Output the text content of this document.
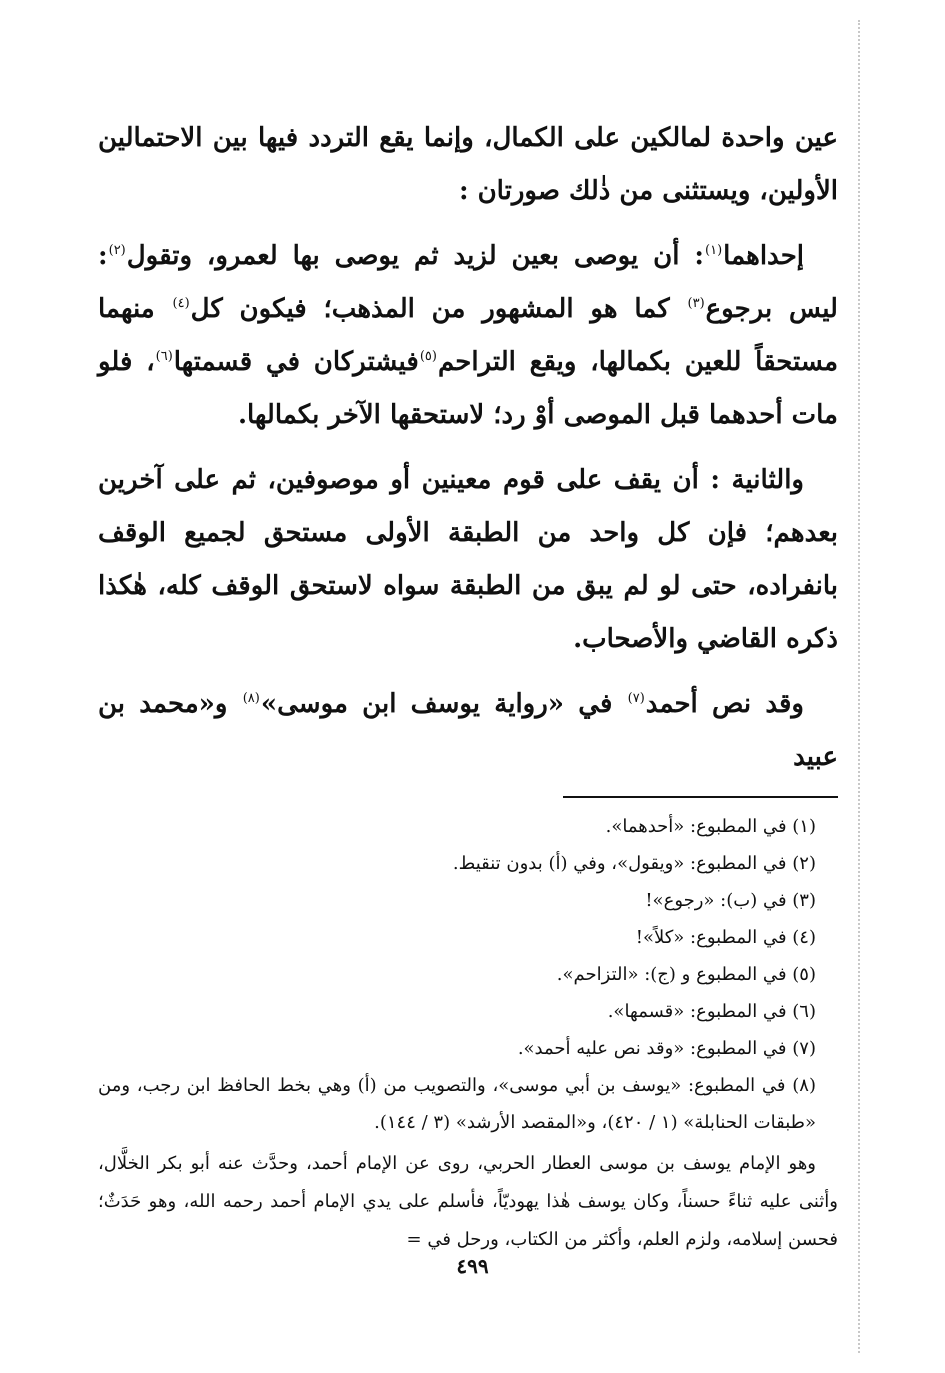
عين واحدة لمالكين على الكمال، وإنما يقع التردد فيها بين الاحتمالين الأولين، ويستثنى من ذٰلك صورتان :

إحداهما$^{(١)}$: أن يوصى بعين لزيد ثم يوصى بها لعمرو، وتقول$^{(٢)}$: ليس برجوع$^{(٣)}$ كما هو المشهور من المذهب؛ فيكون كل$^{(٤)}$ منهما مستحقاً للعين بكمالها، ويقع التراحم$^{(٥)}$فيشتركان في قسمتها$^{(٦)}$، فلو مات أحدهما قبل الموصى أوْ رد؛ لاستحقها الآخر بكمالها.

والثانية : أن يقف على قوم معينين أو موصوفين، ثم على آخرين بعدهم؛ فإن كل واحد من الطبقة الأولى مستحق لجميع الوقف بانفراده، حتى لو لم يبق من الطبقة سواه لاستحق الوقف كله، هٰكذا ذكره القاضي والأصحاب.

وقد نص أحمد$^{(٧)}$ في «رواية يوسف ابن موسى»$^{(٨)}$ و«محمد بن عبيد

(١) في المطبوع: «أحدهما».
(٢) في المطبوع: «ويقول»، وفي (أ) بدون تنقيط.
(٣) في (ب): «رجوع»!
(٤) في المطبوع: «كلاً»!
(٥) في المطبوع و (ج): «التزاحم».
(٦) في المطبوع: «قسمها».
(٧) في المطبوع: «وقد نص عليه أحمد».
(٨) في المطبوع: «يوسف بن أبي موسى»، والتصويب من (أ) وهي بخط الحافظ ابن رجب، ومن «طبقات الحنابلة» (١ / ٤٢٠)، و«المقصد الأرشد» (٣ / ١٤٤).

وهو الإمام يوسف بن موسى العطار الحربي، روى عن الإمام أحمد، وحدَّث عنه أبو بكر الخلَّال، وأثنى عليه ثناءً حسناً، وكان يوسف هٰذا يهوديّاً، فأسلم على يدي الإمام أحمد رحمه الله، وهو حَدَثٌ؛ فحسن إسلامه، ولزم العلم، وأكثر من الكتاب، ورحل في =

٤٩٩
